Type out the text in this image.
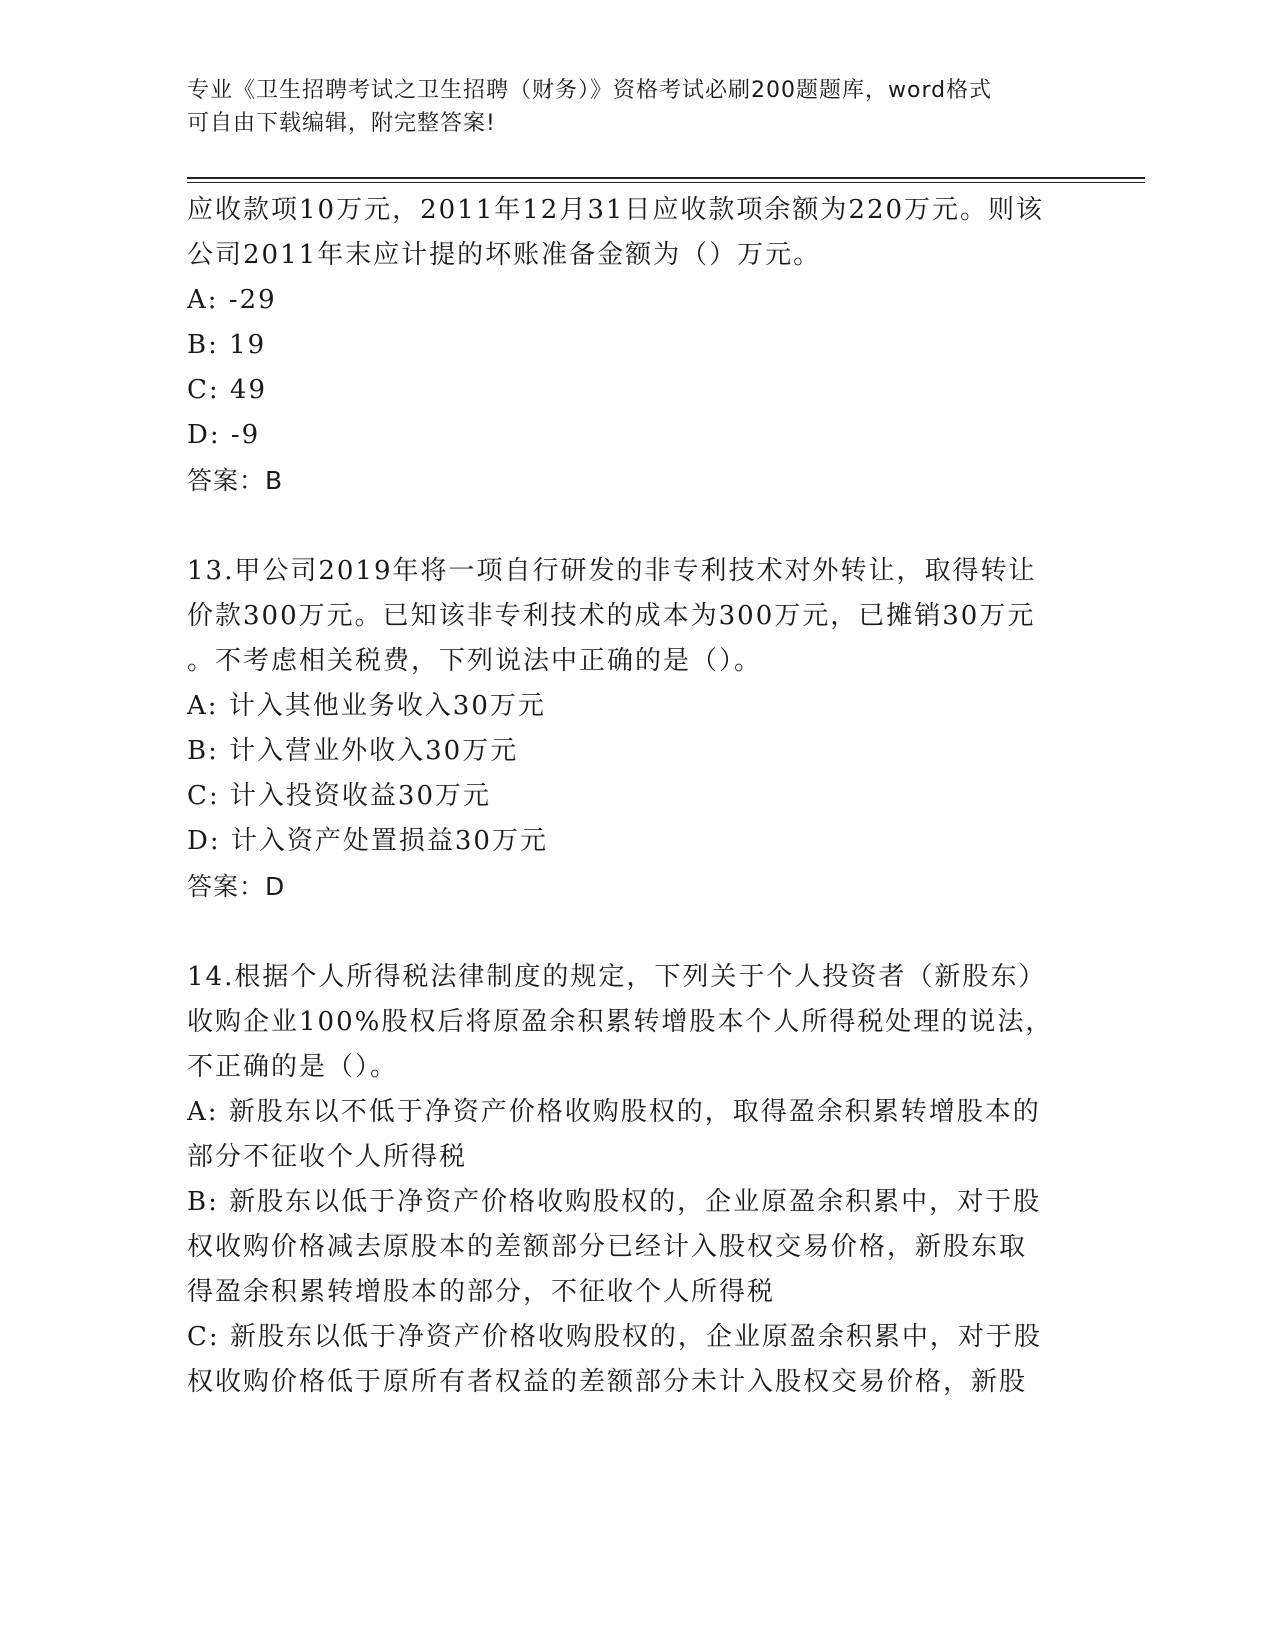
专业《卫生招聘考试之卫生招聘（财务）》资格考试必刷200题题库，word格式
可自由下载编辑，附完整答案!
应收款项10万元，2011年12月31日应收款项余额为220万元。则该
公司2011年末应计提的坏账准备金额为（）万元。
A: -29
B: 19
C: 49
D: -9
答案：B
13.甲公司2019年将一项自行研发的非专利技术对外转让，取得转让
价款300万元。已知该非专利技术的成本为300万元，已摊销30万元
。不考虑相关税费，下列说法中正确的是（）。
A: 计入其他业务收入30万元
B: 计入营业外收入30万元
C: 计入投资收益30万元
D: 计入资产处置损益30万元
答案：D
14.根据个人所得税法律制度的规定，下列关于个人投资者（新股东）
收购企业100%股权后将原盈余积累转增股本个人所得税处理的说法，
不正确的是（）。
A: 新股东以不低于净资产价格收购股权的，取得盈余积累转增股本的
部分不征收个人所得税
B: 新股东以低于净资产价格收购股权的，企业原盈余积累中，对于股
权收购价格减去原股本的差额部分已经计入股权交易价格，新股东取
得盈余积累转增股本的部分，不征收个人所得税
C: 新股东以低于净资产价格收购股权的，企业原盈余积累中，对于股
权收购价格低于原所有者权益的差额部分未计入股权交易价格，新股
